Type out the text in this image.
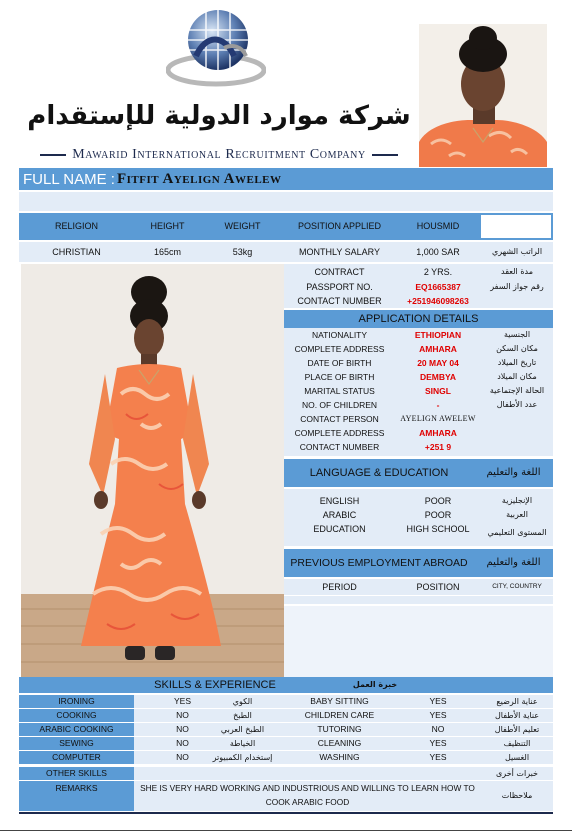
شركة موارد الدولية للإستقدام
Mawarid International Recruitment Company
FULL NAME : Fitfit Ayelign Awelew
RELIGION	HEIGHT	WEIGHT	POSITION APPLIED	HOUSMID
CHRISTIAN	165cm	53kg	MONTHLY SALARY	1,000 SAR	الراتب الشهري
CONTRACT	2 YRS.	مدة العقد
PASSPORT NO.	EQ1665387	رقم جواز السفر
CONTACT NUMBER	+251946098263
APPLICATION DETAILS
NATIONALITY	ETHIOPIAN	الجنسية
COMPLETE ADDRESS	AMHARA	مكان السكن
DATE OF BIRTH	20 MAY 04	تاريخ الميلاد
PLACE OF BIRTH	DEMBYA	مكان الميلاد
MARITAL STATUS	SINGL	الحالة الإجتماعية
NO. OF CHILDREN	-	عدد الأطفال
CONTACT PERSON	AYELIGN AWELEW
COMPLETE ADDRESS	AMHARA
CONTACT NUMBER	+251 9
LANGUAGE & EDUCATION	اللغة والتعليم
ENGLISH	POOR	الإنجليزية
ARABIC	POOR	العربية
EDUCATION	HIGH SCHOOL	المستوى التعليمي
PREVIOUS EMPLOYMENT ABROAD	اللغة والتعليم
PERIOD	POSITION	CITY, COUNTRY
SKILLS & EXPERIENCE	خبرة العمل
IRONING	YES	الكوي	BABY SITTING	YES	عناية الرضيع
COOKING	NO	الطبخ	CHILDREN CARE	YES	عناية الأطفال
ARABIC COOKING	NO	الطبخ العربي	TUTORING	NO	تعليم الأطفال
SEWING	NO	الخياطة	CLEANING	YES	التنظيف
COMPUTER	NO	إستخدام الكمبيوتر	WASHING	YES	الغسيل
OTHER SKILLS	خبرات أخرى
REMARKS	SHE IS VERY HARD WORKING AND INDUSTRIOUS AND WILLING TO LEARN HOW TO
COOK ARABIC FOOD
ملاحظات
